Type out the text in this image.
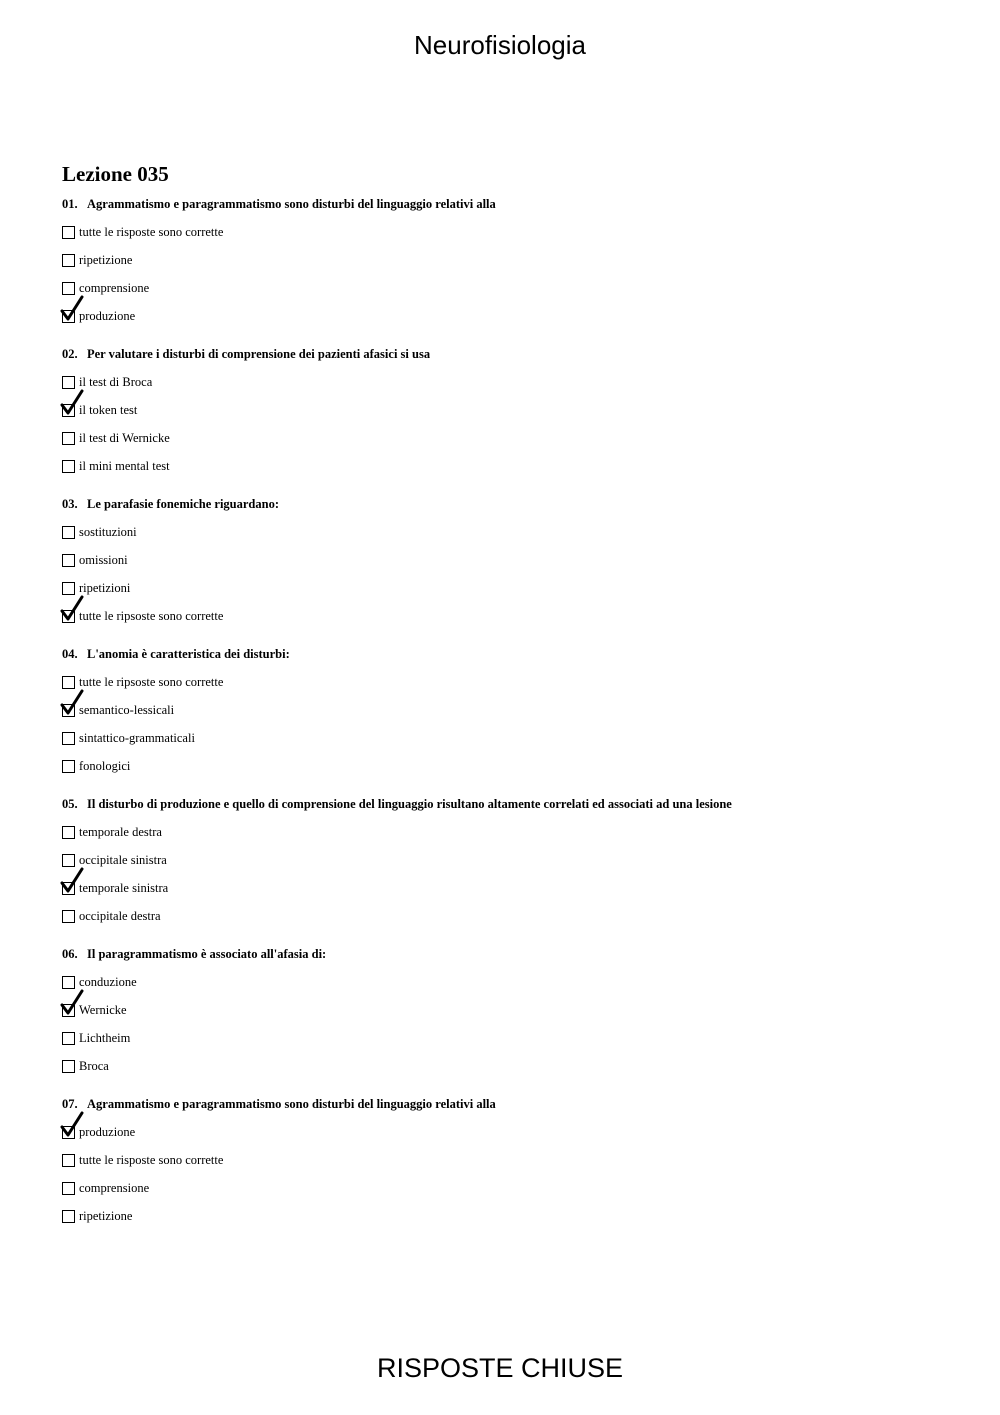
Neurofisiologia
Lezione 035
01. Agrammatismo e paragrammatismo sono disturbi del linguaggio relativi alla
tutte le risposte sono corrette
ripetizione
comprensione
produzione
02. Per valutare i disturbi di comprensione dei pazienti afasici si usa
il test di Broca
il token test
il test di Wernicke
il mini mental test
03. Le parafasie fonemiche riguardano:
sostituzioni
omissioni
ripetizioni
tutte le ripsoste sono corrette
04. L'anomia è caratteristica dei disturbi:
tutte le ripsoste sono corrette
semantico-lessicali
sintattico-grammaticali
fonologici
05. Il disturbo di produzione e quello di comprensione del linguaggio risultano altamente correlati ed associati ad una lesione
temporale destra
occipitale sinistra
temporale sinistra
occipitale destra
06. Il paragrammatismo è associato all'afasia di:
conduzione
Wernicke
Lichtheim
Broca
07. Agrammatismo e paragrammatismo sono disturbi del linguaggio relativi alla
produzione
tutte le risposte sono corrette
comprensione
ripetizione
RISPOSTE CHIUSE
